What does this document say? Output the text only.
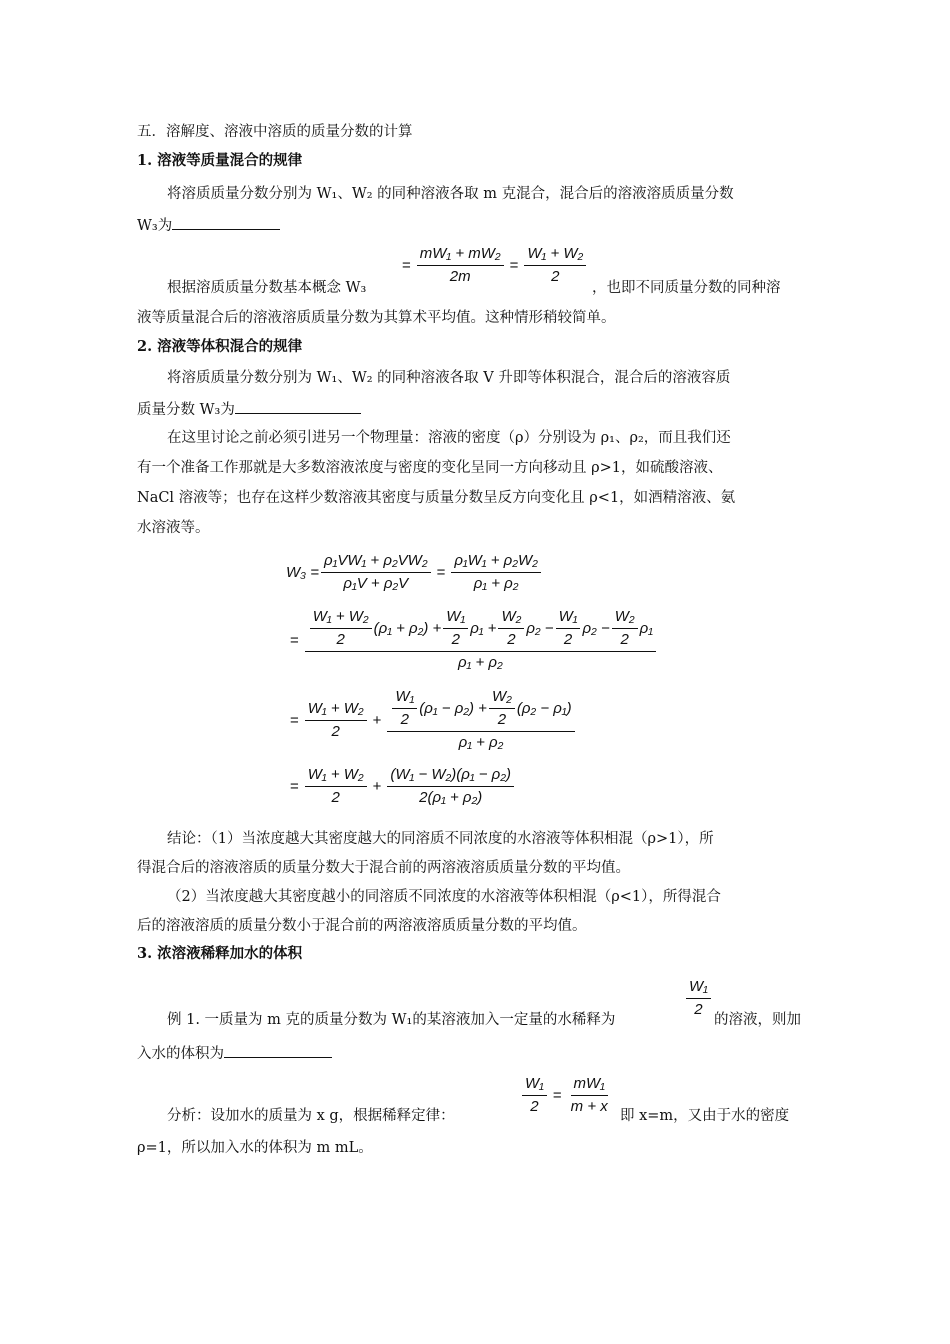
五．溶解度、溶液中溶质的质量分数的计算
1. 溶液等质量混合的规律
将溶质质量分数分别为 W₁、W₂ 的同种溶液各取 m 克混合，混合后的溶液溶质质量分数
W₃为
= $\frac{\text{mW₁ + mW₂}}{2m} = \frac{\text{W₁ + W₂}}{2}$
根据溶质质量分数基本概念 W₃	，也即不同质量分数的同种溶
液等质量混合后的溶液溶质质量分数为其算术平均值。这种情形稍较简单。
2. 溶液等体积混合的规律
将溶质质量分数分别为 W₁、W₂ 的同种溶液各取 V 升即等体积混合，混合后的溶液容质
质量分数 W₃为
在这里讨论之前必须引进另一个物理量：溶液的密度（ρ）分别设为 ρ₁、ρ₂，而且我们还
有一个准备工作那就是大多数溶液浓度与密度的变化呈同一方向移动且 ρ>1，如硫酸溶液、
NaCl 溶液等；也存在这样少数溶液其密度与质量分数呈反方向变化且 ρ<1，如酒精溶液、氨
水溶液等。
$W_3 = \frac{\text{ρ₁VW₁ + ρ₂VW₂}}{\text{ρ₁V + ρ₂V}} = \frac{\text{ρ₁W₁ + ρ₂W₂}}{\text{ρ₁ + ρ₂}}$
= $\frac{\text{W₁ + W₂}}{2} (\rho_1 + \rho_2) + \frac{\text{W₁}}{2} \rho_1 + \frac{\text{W₂}}{2} \rho_2 - \frac{\text{W₁}}{2} \rho_2 - \frac{\text{W₂}}{2} \rho_1$
ρ₁ + ρ₂
= $\frac{\text{W₁ + W₂}}{2} + \frac{\frac{\text{W₁}}{2} (\rho_1 - \rho_2) + \frac{\text{W₂}}{2} (\rho_2 - \rho_1)}{\text{ρ₁ + ρ₂}}$
= $\frac{\text{W₁ + W₂}}{2} + \frac{\text{(W₁ − W₂)(ρ₁ − ρ₂)}}{\text{2(ρ₁ + ρ₂)}}$
结论：（1）当浓度越大其密度越大的同溶质不同浓度的水溶液等体积相混（ρ>1），所
得混合后的溶液溶质的质量分数大于混合前的两溶液溶质质量分数的平均值。
（2）当浓度越大其密度越小的同溶质不同浓度的水溶液等体积相混（ρ<1），所得混合
后的溶液溶质的质量分数小于混合前的两溶液溶质质量分数的平均值。
3. 浓溶液稀释加水的体积
例 1. 一质量为 m 克的质量分数为 W₁的某溶液加入一定量的水稀释为
$\frac{\text{W₁}}{2}$
的溶液，则加
入水的体积为
分析：设加水的质量为 x g，根据稀释定律：	$\frac{\text{W₁}}{2} = \frac{\text{mW₁}}{m + x}$ 即 x=m，又由于水的密度
ρ=1，所以加入水的体积为 m mL。
